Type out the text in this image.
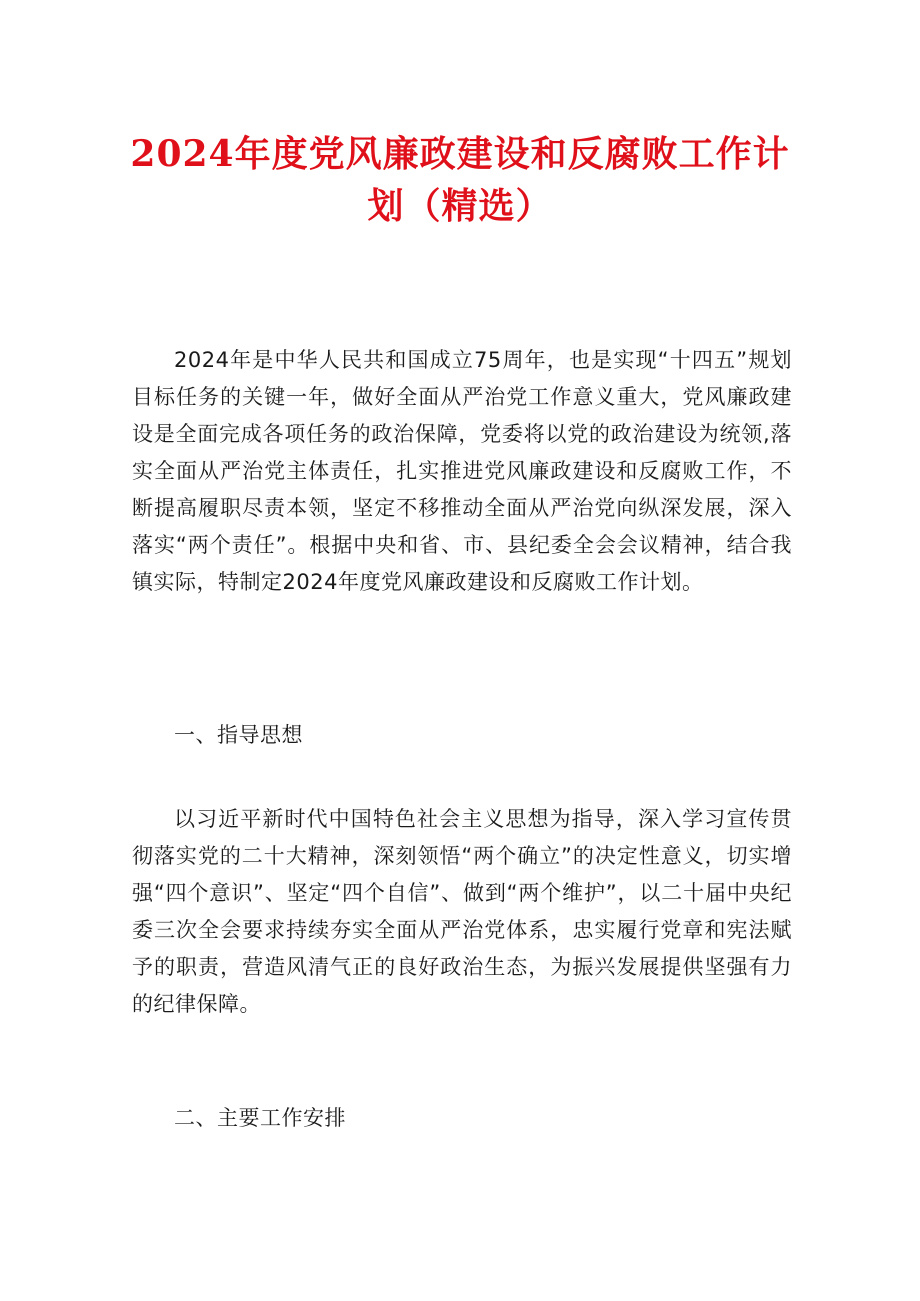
2024年度党风廉政建设和反腐败工作计划（精选）

2024年是中华人民共和国成立75周年，也是实现“十四五”规划目标任务的关键一年，做好全面从严治党工作意义重大，党风廉政建设是全面完成各项任务的政治保障，党委将以党的政治建设为统领,落实全面从严治党主体责任，扎实推进党风廉政建设和反腐败工作，不断提高履职尽责本领，坚定不移推动全面从严治党向纵深发展，深入落实“两个责任”。根据中央和省、市、县纪委全会会议精神，结合我镇实际，特制定2024年度党风廉政建设和反腐败工作计划。

一、指导思想

以习近平新时代中国特色社会主义思想为指导，深入学习宣传贯彻落实党的二十大精神，深刻领悟“两个确立”的决定性意义，切实增强“四个意识”、坚定“四个自信”、做到“两个维护”，以二十届中央纪委三次全会要求持续夯实全面从严治党体系，忠实履行党章和宪法赋予的职责，营造风清气正的良好政治生态，为振兴发展提供坚强有力的纪律保障。

二、主要工作安排
